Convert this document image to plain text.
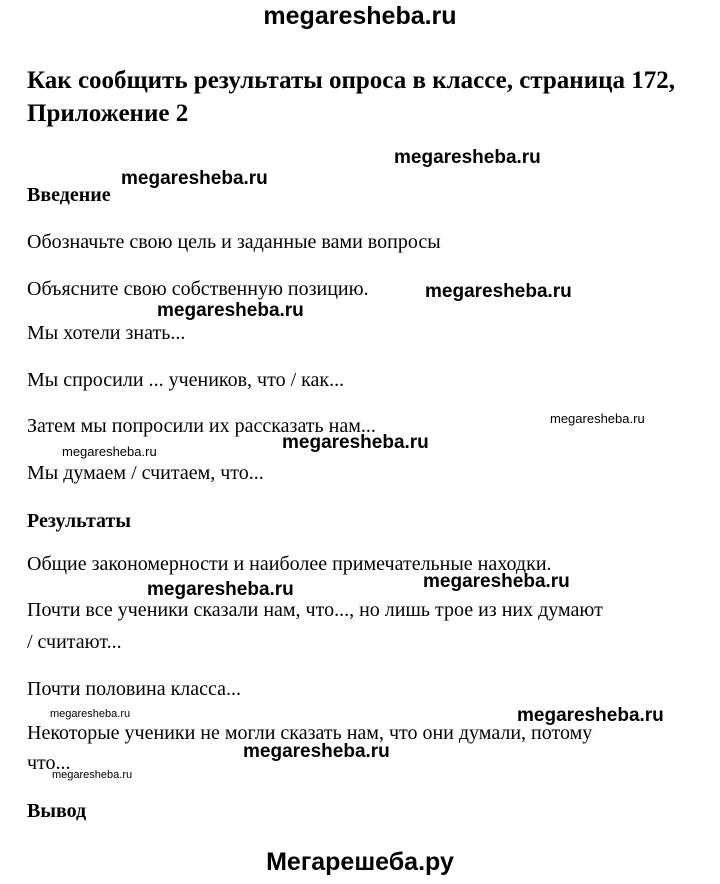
megaresheba.ru
Как сообщить результаты опроса в классе, страница 172, Приложение 2
Введение
Обозначьте свою цель и заданные вами вопросы
Объясните свою собственную позицию.
Мы хотели знать...
Мы спросили ... учеников, что / как...
Затем мы попросили их рассказать нам...
Мы думаем / считаем, что...
Результаты
Общие закономерности и наиболее примечательные находки.
Почти все ученики сказали нам, что..., но лишь трое из них думают
/ считают...
Почти половина класса...
Некоторые ученики не могли сказать нам, что они думали, потому
что...
Вывод
megaresheba.ru
megaresheba.ru
megaresheba.ru
megaresheba.ru
megaresheba.ru
megaresheba.ru
megaresheba.ru
megaresheba.ru
megaresheba.ru
megaresheba.ru	megaresheba.ru
megaresheba.ru
megaresheba.ru
Мегарешеба.ру
